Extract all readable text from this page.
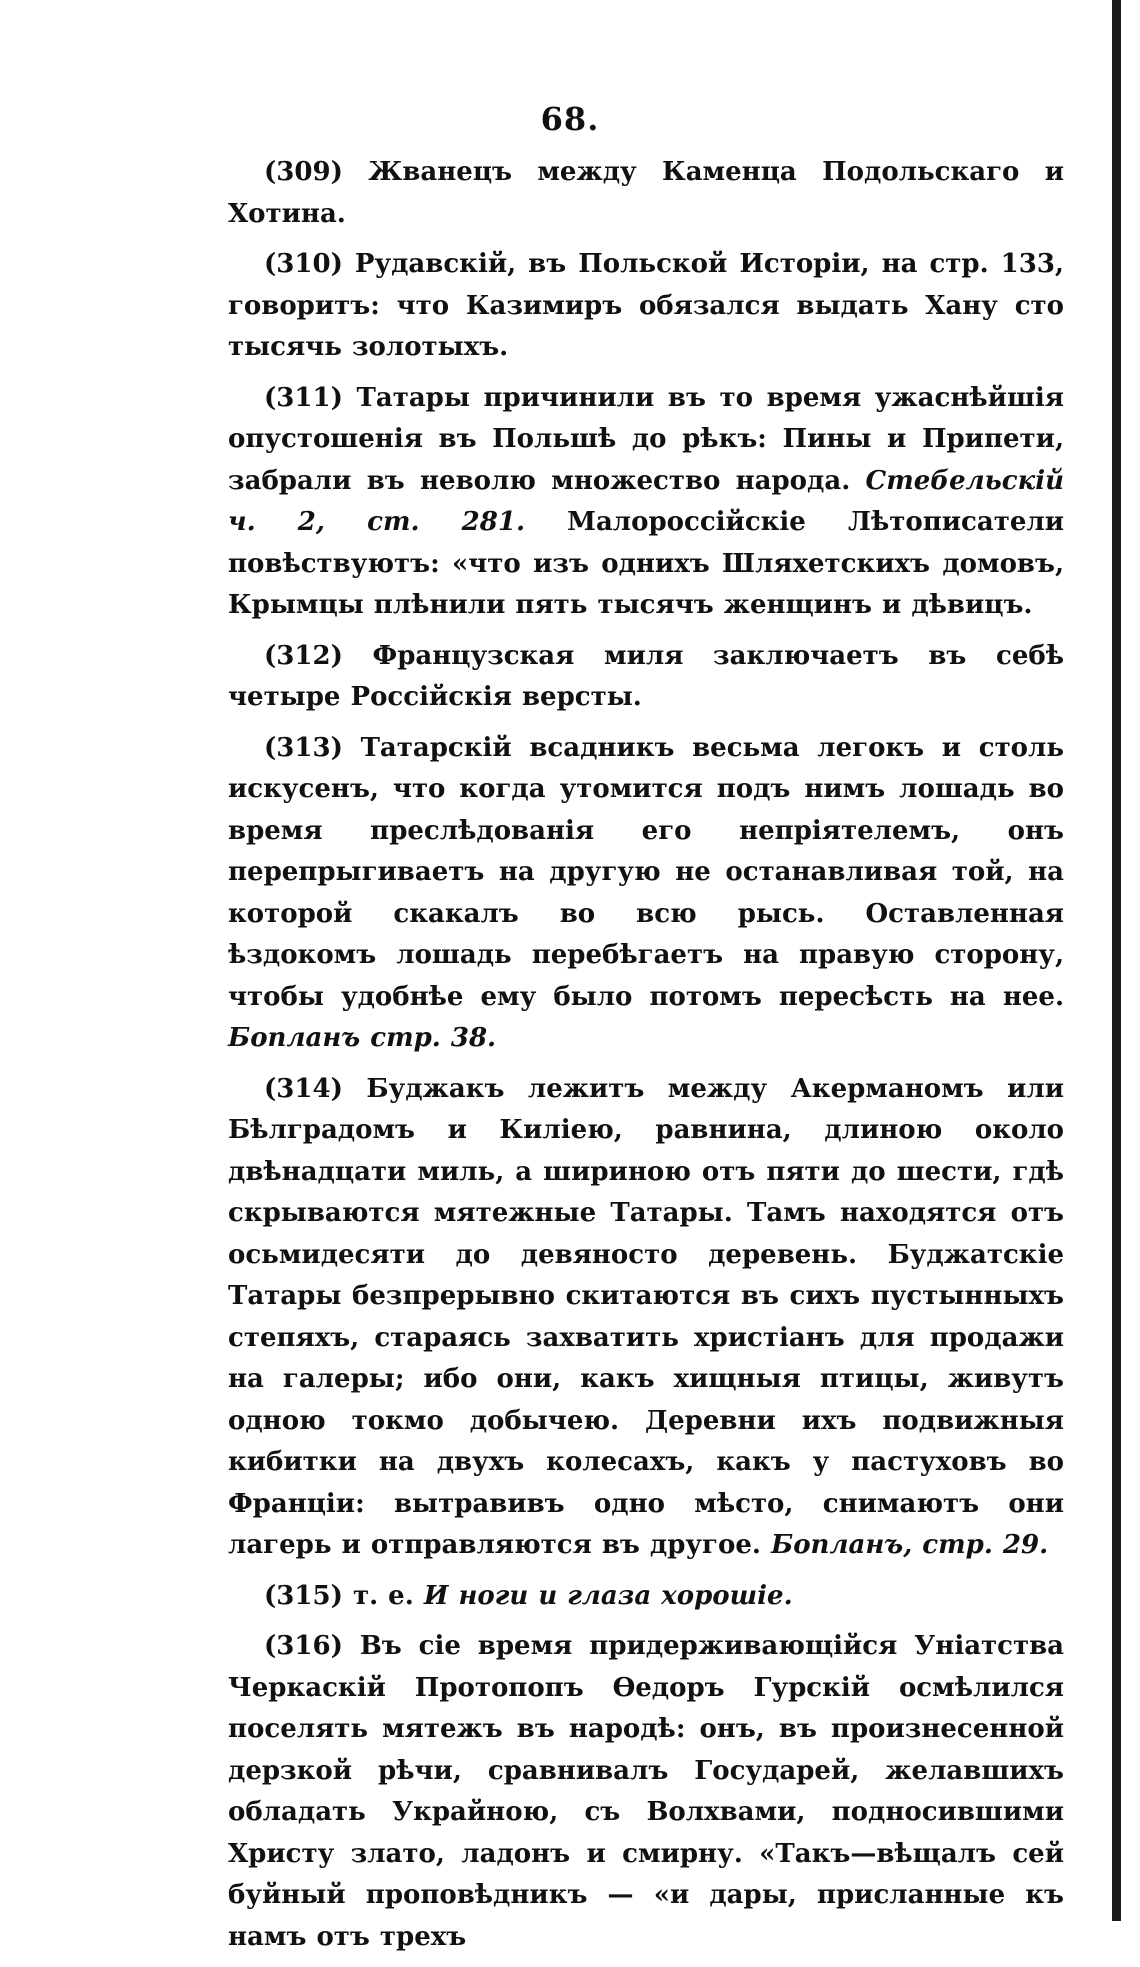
68.

(309) Жванецъ между Каменца Подольскаго и Хотина.

(310) Рудавскій, въ Польской Исторіи, на стр. 133, говоритъ: что Казимиръ обязался выдать Хану сто тысячь золотыхъ.

(311) Татары причинили въ то время ужаснѣйшія опустошенія въ Польшѣ до рѣкъ: Пины и Припети, забрали въ неволю множество народа. Стебельскій ч. 2, ст. 281. Малороссійскіе Лѣтописатели повѣствуютъ: «что изъ однихъ Шляхетскихъ домовъ, Крымцы плѣнили пять тысячъ женщинъ и дѣвицъ.

(312) Французская миля заключаетъ въ себѣ четыре Россійскія версты.

(313) Татарскій всадникъ весьма легокъ и столь искусенъ, что когда утомится подъ нимъ лошадь во время преслѣдованія его непріятелемъ, онъ перепрыгиваетъ на другую не останавливая той, на которой скакалъ во всю рысь. Оставленная ѣздокомъ лошадь перебѣгаетъ на правую сторону, чтобы удобнѣе ему было потомъ пересѣсть на нее. Бопланъ стр. 38.

(314) Буджакъ лежитъ между Акерманомъ или Бѣлградомъ и Киліею, равнина, длиною около двѣнадцати миль, а шириною отъ пяти до шести, гдѣ скрываются мятежные Татары. Тамъ находятся отъ осьмидесяти до девяносто деревень. Буджатскіе Татары безпрерывно скитаются въ сихъ пустынныхъ степяхъ, стараясь захватить христіанъ для продажи на галеры; ибо они, какъ хищныя птицы, живутъ одною токмо добычею. Деревни ихъ подвижныя кибитки на двухъ колесахъ, какъ у пастуховъ во Франціи: вытравивъ одно мѣсто, снимаютъ они лагерь и отправляются въ другое. Бопланъ, стр. 29.

(315) т. е. И ноги и глаза хорошіе.

(316) Въ сіе время придерживающійся Уніатства Черкаскій Протопопъ Ѳедоръ Гурскій осмѣлился поселять мятежъ въ народѣ: онъ, въ произнесенной дерзкой рѣчи, сравнивалъ Государей, желавшихъ обладать Украйною, съ Волхвами, подносившими Христу злато, ладонъ и смирну. «Такъ—вѣщалъ сей буйный проповѣдникъ — «и дары, присланные къ намъ отъ трехъ
